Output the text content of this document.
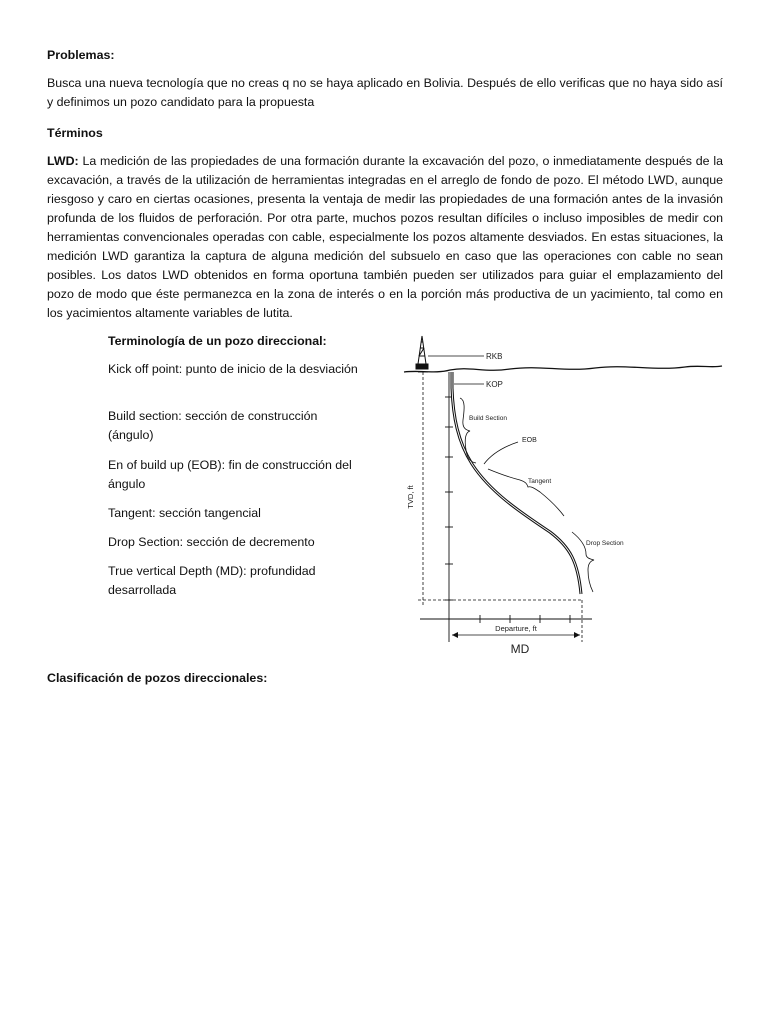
Problemas:

Busca una nueva tecnología que no creas q no se haya aplicado en Bolivia. Después de ello verificas que no haya sido así y definimos un pozo candidato para la propuesta

Términos

LWD: La medición de las propiedades de una formación durante la excavación del pozo, o inmediatamente después de la excavación, a través de la utilización de herramientas integradas en el arreglo de fondo de pozo. El método LWD, aunque riesgoso y caro en ciertas ocasiones, presenta la ventaja de medir las propiedades de una formación antes de la invasión profunda de los fluidos de perforación. Por otra parte, muchos pozos resultan difíciles o incluso imposibles de medir con herramientas convencionales operadas con cable, especialmente los pozos altamente desviados. En estas situaciones, la medición LWD garantiza la captura de alguna medición del subsuelo en caso que las operaciones con cable no sean posibles. Los datos LWD obtenidos en forma oportuna también pueden ser utilizados para guiar el emplazamiento del pozo de modo que éste permanezca en la zona de interés o en la porción más productiva de un yacimiento, tal como en los yacimientos altamente variables de lutita.

Terminología de un pozo direccional:

Kick off point: punto de inicio de la desviación

Build section: sección de construcción (ángulo)

En of build up (EOB): fin de construcción del ángulo

Tangent: sección tangencial

Drop Section: sección de decremento

True vertical Depth (MD): profundidad desarrollada

RKB
TVD, ft
Departure, ft
MD
KOP
Build Section
EOB
Tangent
Drop Section

Clasificación de pozos direccionales:
